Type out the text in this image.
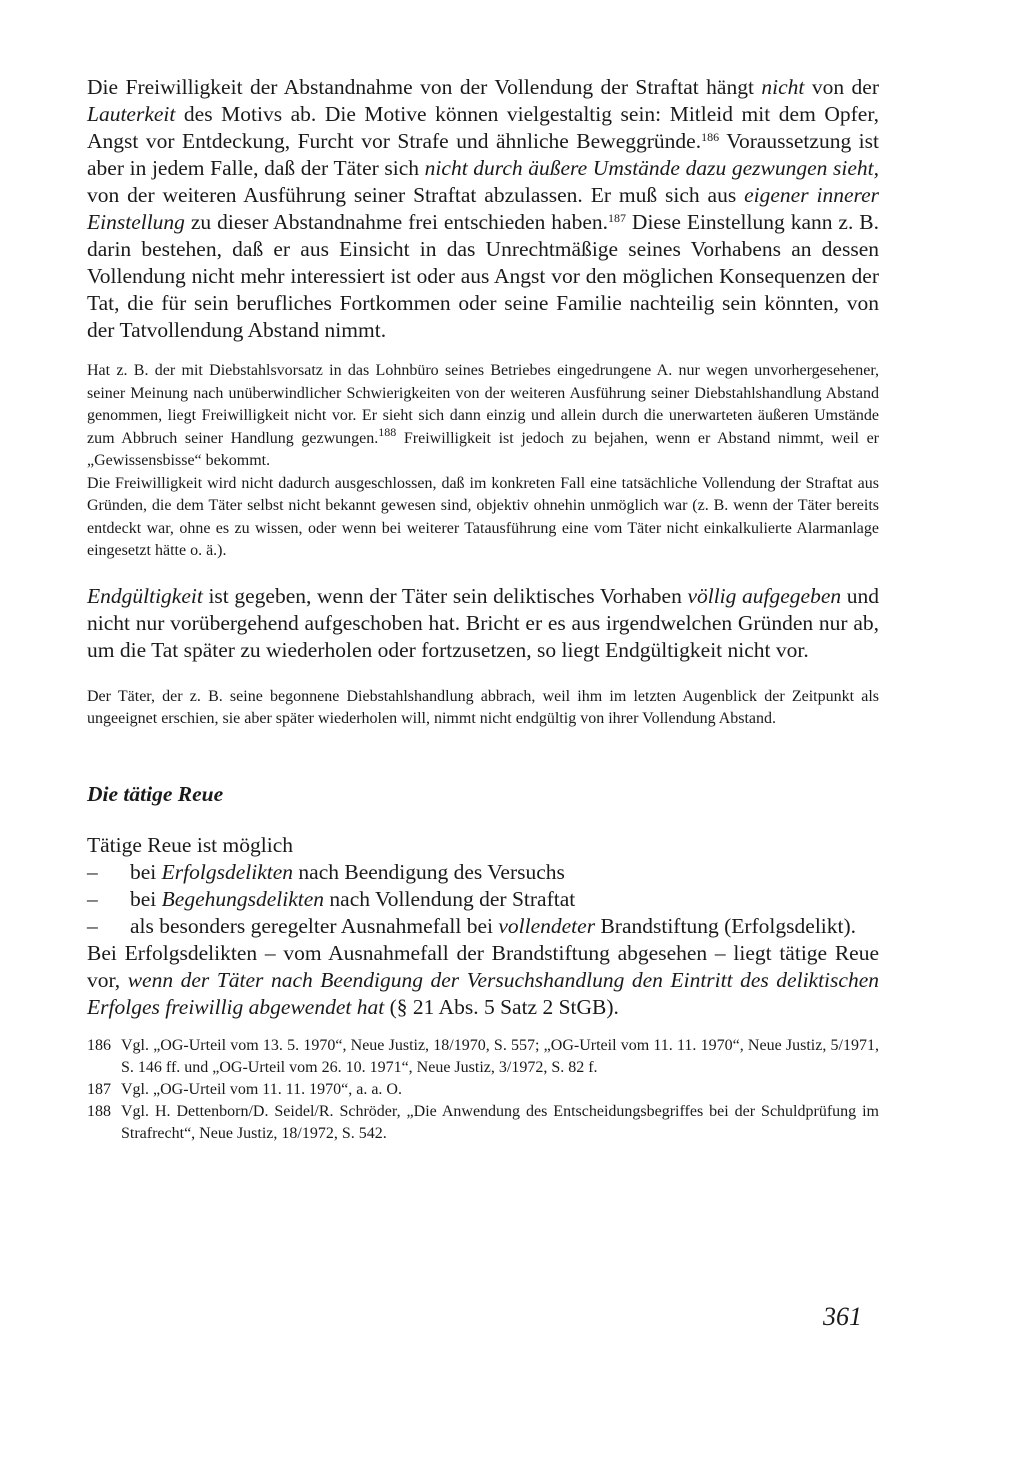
Die Freiwilligkeit der Abstandnahme von der Vollendung der Straftat hängt nicht von der Lauterkeit des Motivs ab. Die Motive können vielgestaltig sein: Mitleid mit dem Opfer, Angst vor Entdeckung, Furcht vor Strafe und ähnliche Beweggründe.$^{186}$ Voraussetzung ist aber in jedem Falle, daß der Täter sich nicht durch äußere Umstände dazu gezwungen sieht, von der weiteren Ausführung seiner Straftat abzulassen. Er muß sich aus eigener innerer Einstellung zu dieser Abstandnahme frei entschieden haben.$^{187}$ Diese Einstellung kann z. B. darin bestehen, daß er aus Einsicht in das Unrechtmäßige seines Vorhabens an dessen Vollendung nicht mehr interessiert ist oder aus Angst vor den möglichen Konsequenzen der Tat, die für sein berufliches Fortkommen oder seine Familie nachteilig sein könnten, von der Tatvollendung Abstand nimmt.

Hat z. B. der mit Diebstahlsvorsatz in das Lohnbüro seines Betriebes eingedrungene A. nur wegen unvorhergesehener, seiner Meinung nach unüberwindlicher Schwierigkeiten von der weiteren Ausführung seiner Diebstahlshandlung Abstand genommen, liegt Freiwilligkeit nicht vor. Er sieht sich dann einzig und allein durch die unerwarteten äußeren Umstände zum Abbruch seiner Handlung gezwungen.$^{188}$ Freiwilligkeit ist jedoch zu bejahen, wenn er Abstand nimmt, weil er „Gewissensbisse“ bekommt.

Die Freiwilligkeit wird nicht dadurch ausgeschlossen, daß im konkreten Fall eine tatsächliche Vollendung der Straftat aus Gründen, die dem Täter selbst nicht bekannt gewesen sind, objektiv ohnehin unmöglich war (z. B. wenn der Täter bereits entdeckt war, ohne es zu wissen, oder wenn bei weiterer Tatausführung eine vom Täter nicht einkalkulierte Alarmanlage eingesetzt hätte o. ä.).

Endgültigkeit ist gegeben, wenn der Täter sein deliktisches Vorhaben völlig aufgegeben und nicht nur vorübergehend aufgeschoben hat. Bricht er es aus irgendwelchen Gründen nur ab, um die Tat später zu wiederholen oder fortzusetzen, so liegt Endgültigkeit nicht vor.

Der Täter, der z. B. seine begonnene Diebstahlshandlung abbrach, weil ihm im letzten Augenblick der Zeitpunkt als ungeeignet erschien, sie aber später wiederholen will, nimmt nicht endgültig von ihrer Vollendung Abstand.

Die tätige Reue

Tätige Reue ist möglich

– bei Erfolgsdelikten nach Beendigung des Versuchs
– bei Begehungsdelikten nach Vollendung der Straftat
– als besonders geregelter Ausnahmefall bei vollendeter Brandstiftung (Erfolgsdelikt).

Bei Erfolgsdelikten – vom Ausnahmefall der Brandstiftung abgesehen – liegt tätige Reue vor, wenn der Täter nach Beendigung der Versuchshandlung den Eintritt des deliktischen Erfolges freiwillig abgewendet hat (§ 21 Abs. 5 Satz 2 StGB).

186 Vgl. „OG-Urteil vom 13. 5. 1970“, Neue Justiz, 18/1970, S. 557; „OG-Urteil vom 11. 11. 1970“, Neue Justiz, 5/1971, S. 146 ff. und „OG-Urteil vom 26. 10. 1971“, Neue Justiz, 3/1972, S. 82 f.
187 Vgl. „OG-Urteil vom 11. 11. 1970“, a. a. O.
188 Vgl. H. Dettenborn/D. Seidel/R. Schröder, „Die Anwendung des Entscheidungsbegriffes bei der Schuldprüfung im Strafrecht“, Neue Justiz, 18/1972, S. 542.
361
